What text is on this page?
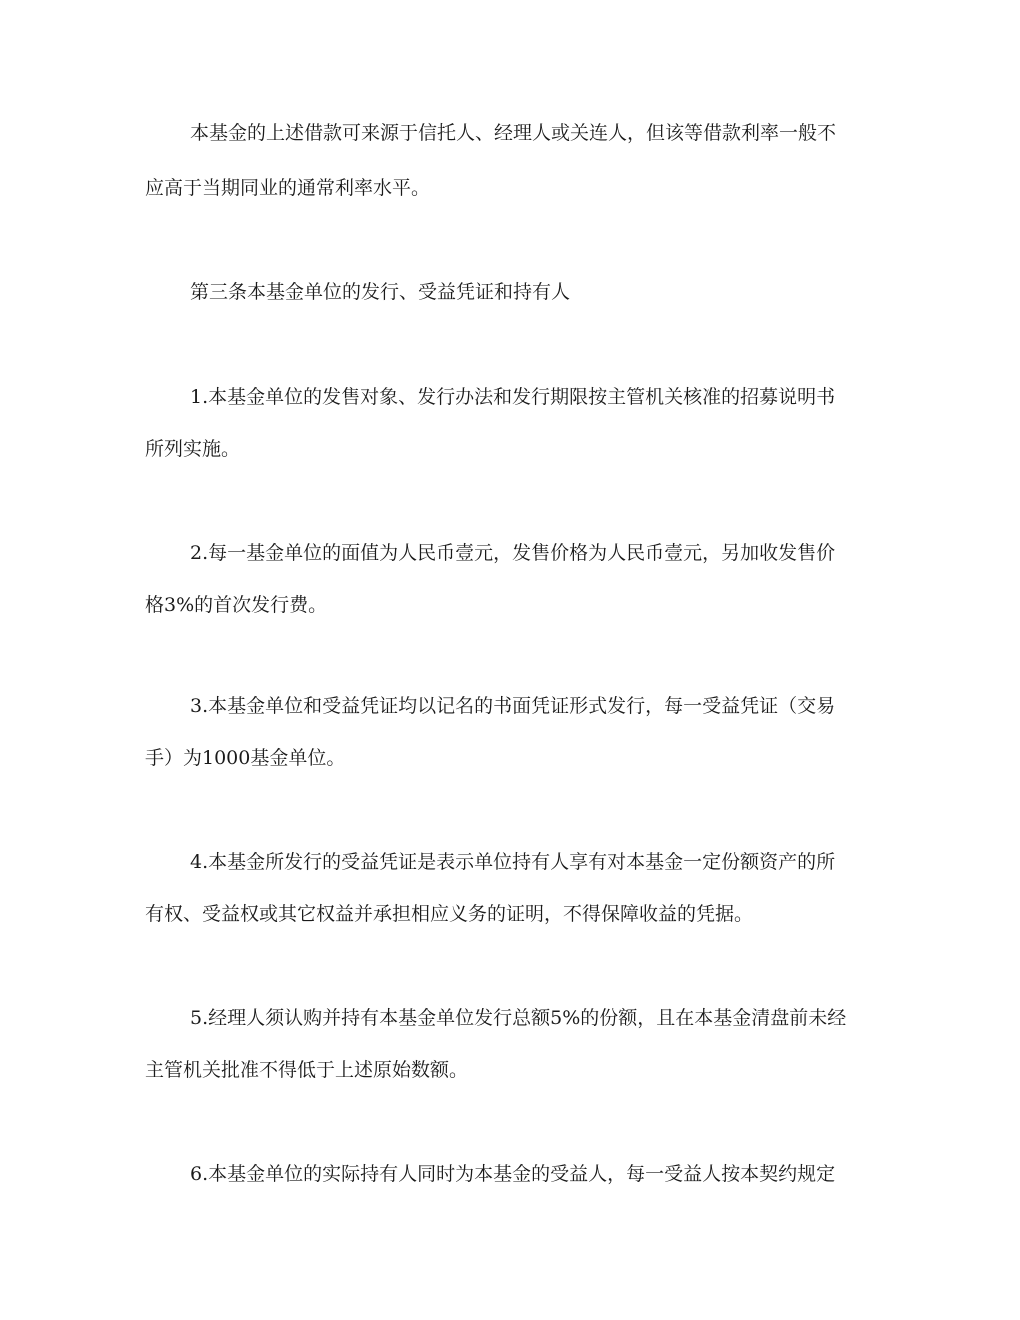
本基金的上述借款可来源于信托人、经理人或关连人，但该等借款利率一般不
应高于当期同业的通常利率水平。
第三条本基金单位的发行、受益凭证和持有人
1.本基金单位的发售对象、发行办法和发行期限按主管机关核准的招募说明书
所列实施。
2.每一基金单位的面值为人民币壹元，发售价格为人民币壹元，另加收发售价
格3%的首次发行费。
3.本基金单位和受益凭证均以记名的书面凭证形式发行，每一受益凭证（交易
手）为1000基金单位。
4.本基金所发行的受益凭证是表示单位持有人享有对本基金一定份额资产的所
有权、受益权或其它权益并承担相应义务的证明，不得保障收益的凭据。
5.经理人须认购并持有本基金单位发行总额5%的份额，且在本基金清盘前未经
主管机关批准不得低于上述原始数额。
6.本基金单位的实际持有人同时为本基金的受益人，每一受益人按本契约规定
